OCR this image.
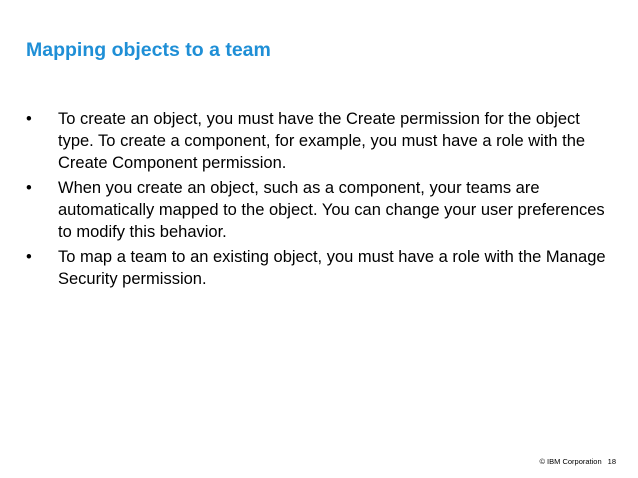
Mapping objects to a team
•	To create an object, you must have the Create permission for the object type. To create a component, for example, you must have a role with the Create Component permission.
•	When you create an object, such as a component, your teams are automatically mapped to the object. You can change your user preferences to modify this behavior.
•	To map a team to an existing object, you must have a role with the Manage Security permission.
© IBM Corporation 18
